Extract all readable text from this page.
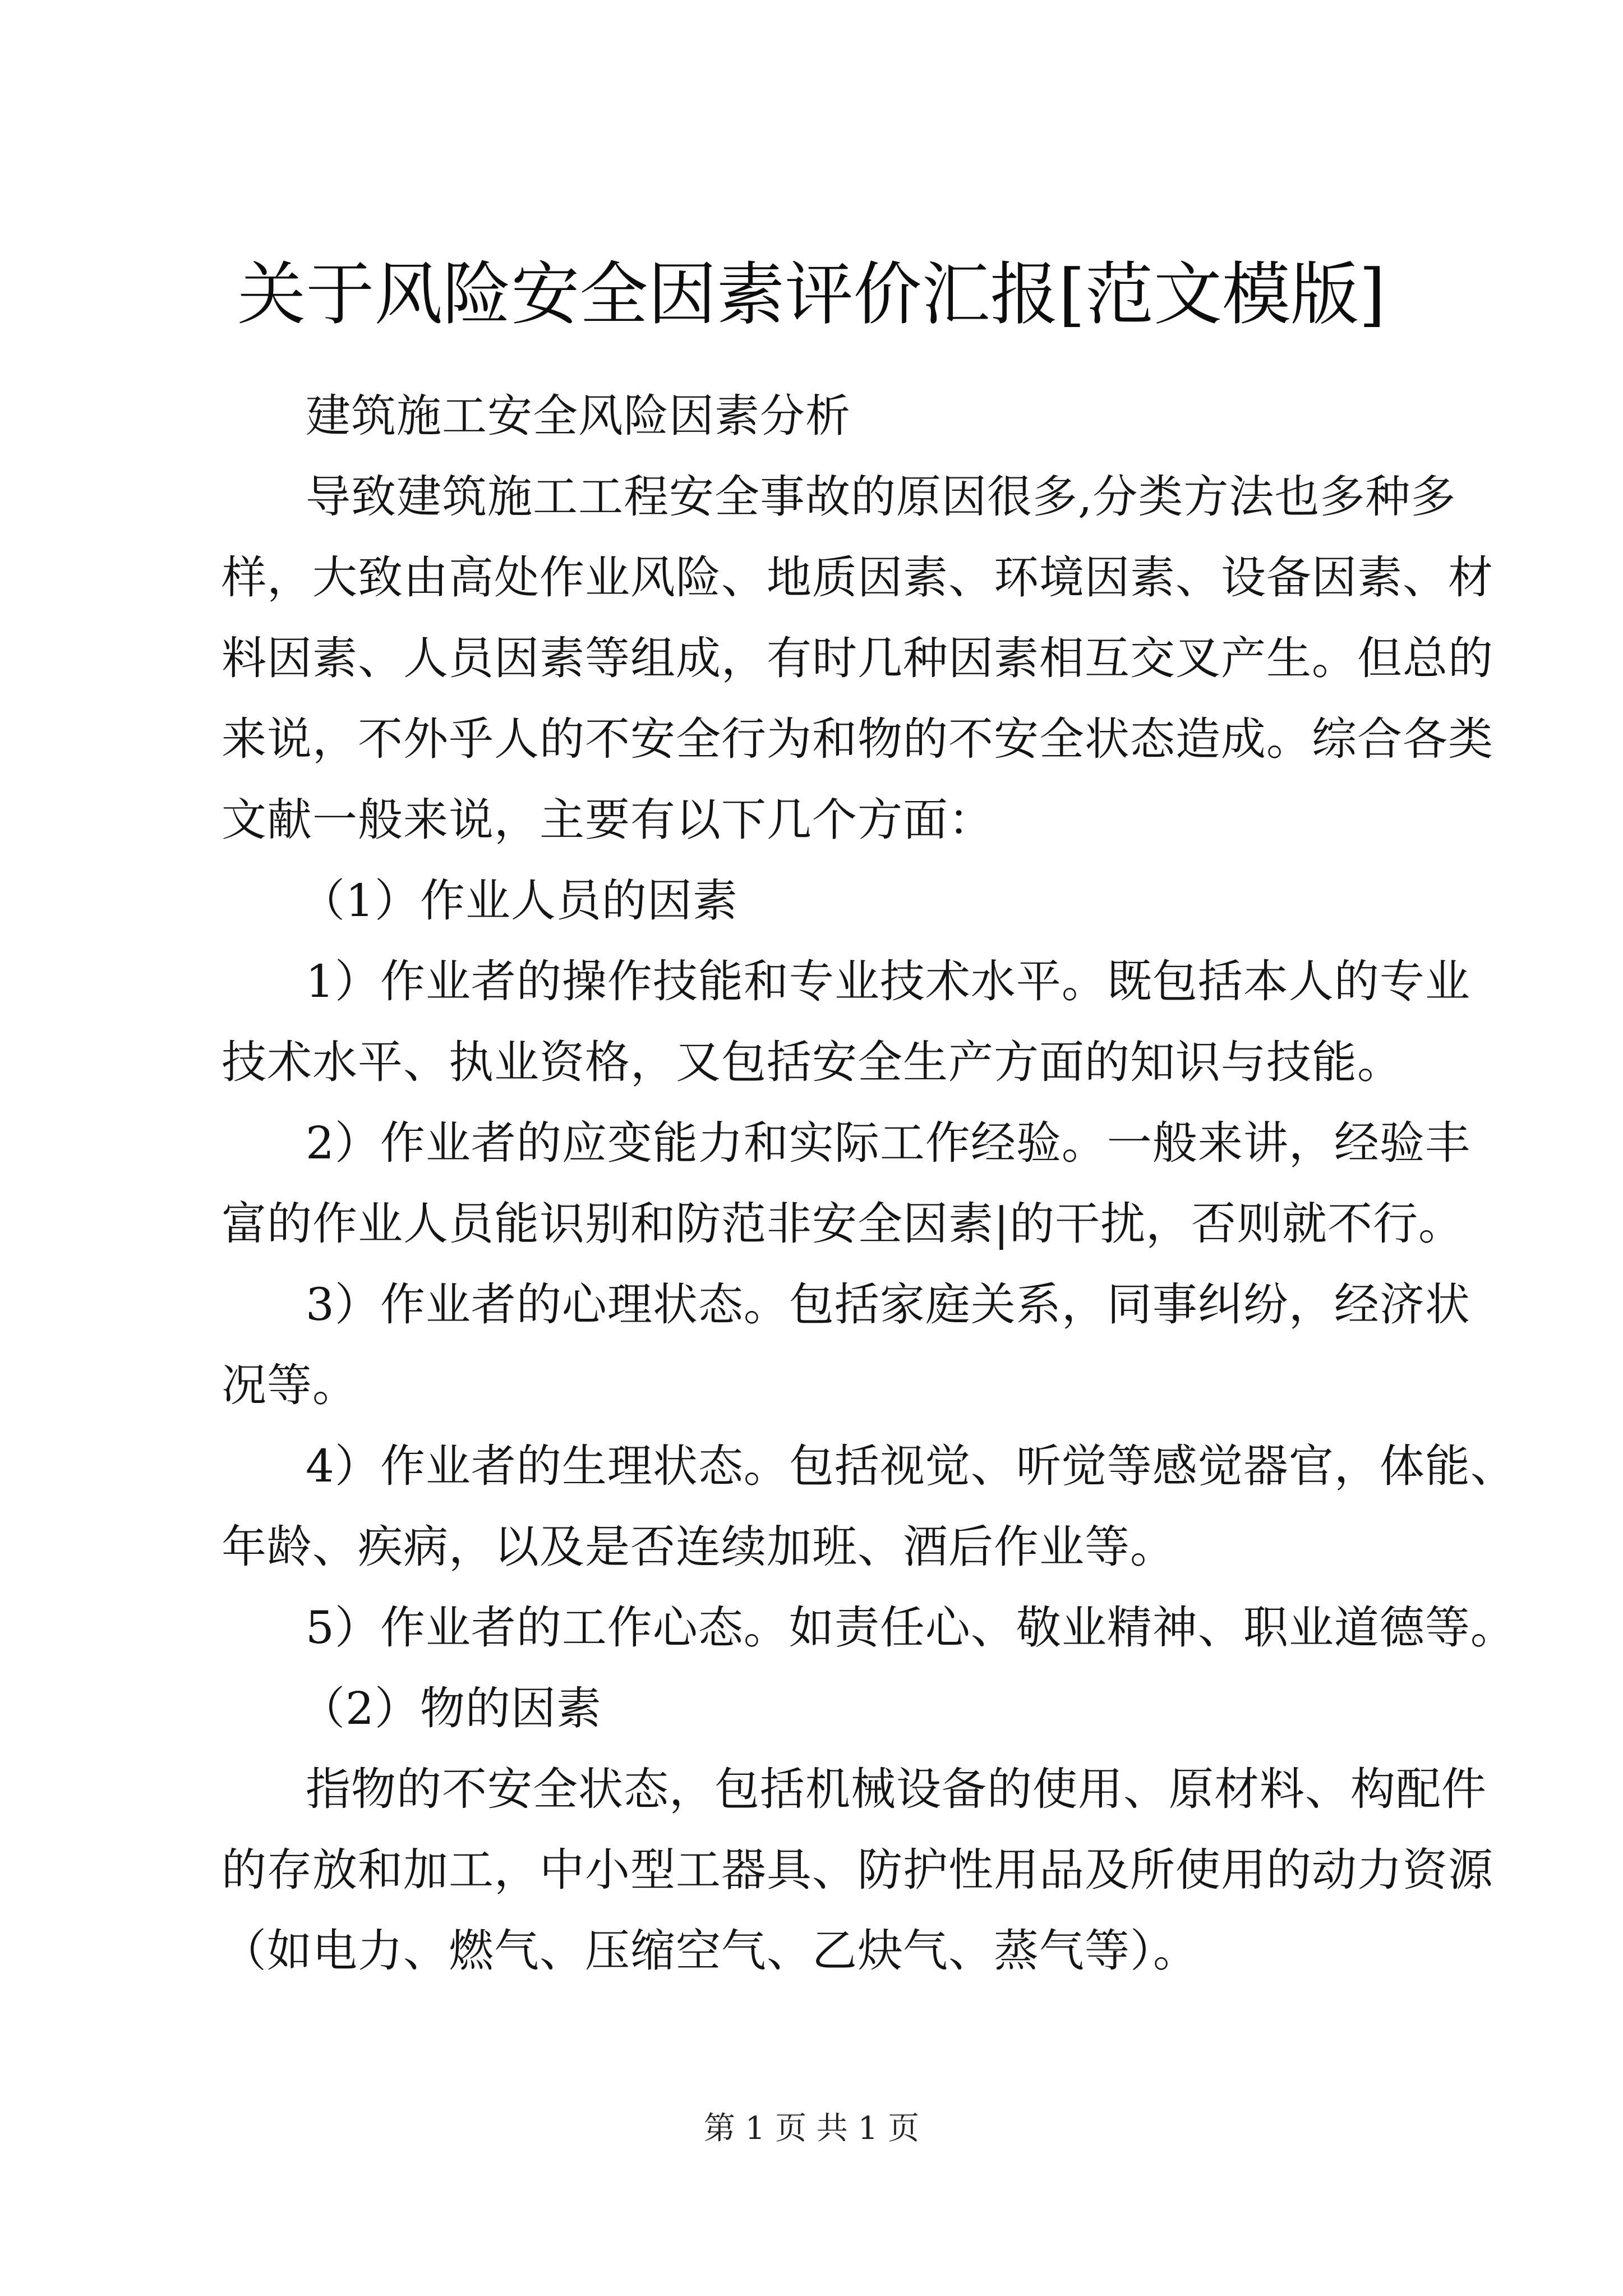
关于风险安全因素评价汇报[范文模版]
建筑施工安全风险因素分析
导致建筑施工工程安全事故的原因很多,分类方法也多种多
样，大致由高处作业风险、地质因素、环境因素、设备因素、材
料因素、人员因素等组成，有时几种因素相互交叉产生。但总的
来说，不外乎人的不安全行为和物的不安全状态造成。综合各类
文献一般来说，主要有以下几个方面：
（1）作业人员的因素
1）作业者的操作技能和专业技术水平。既包括本人的专业
技术水平、执业资格，又包括安全生产方面的知识与技能。
2）作业者的应变能力和实际工作经验。一般来讲，经验丰
富的作业人员能识别和防范非安全因素|的干扰，否则就不行。
3）作业者的心理状态。包括家庭关系，同事纠纷，经济状
况等。
4）作业者的生理状态。包括视觉、听觉等感觉器官，体能、
年龄、疾病，以及是否连续加班、酒后作业等。
5）作业者的工作心态。如责任心、敬业精神、职业道德等。
（2）物的因素
指物的不安全状态，包括机械设备的使用、原材料、构配件
的存放和加工，中小型工器具、防护性用品及所使用的动力资源
（如电力、燃气、压缩空气、乙炔气、蒸气等）。
第 1 页 共 1 页
